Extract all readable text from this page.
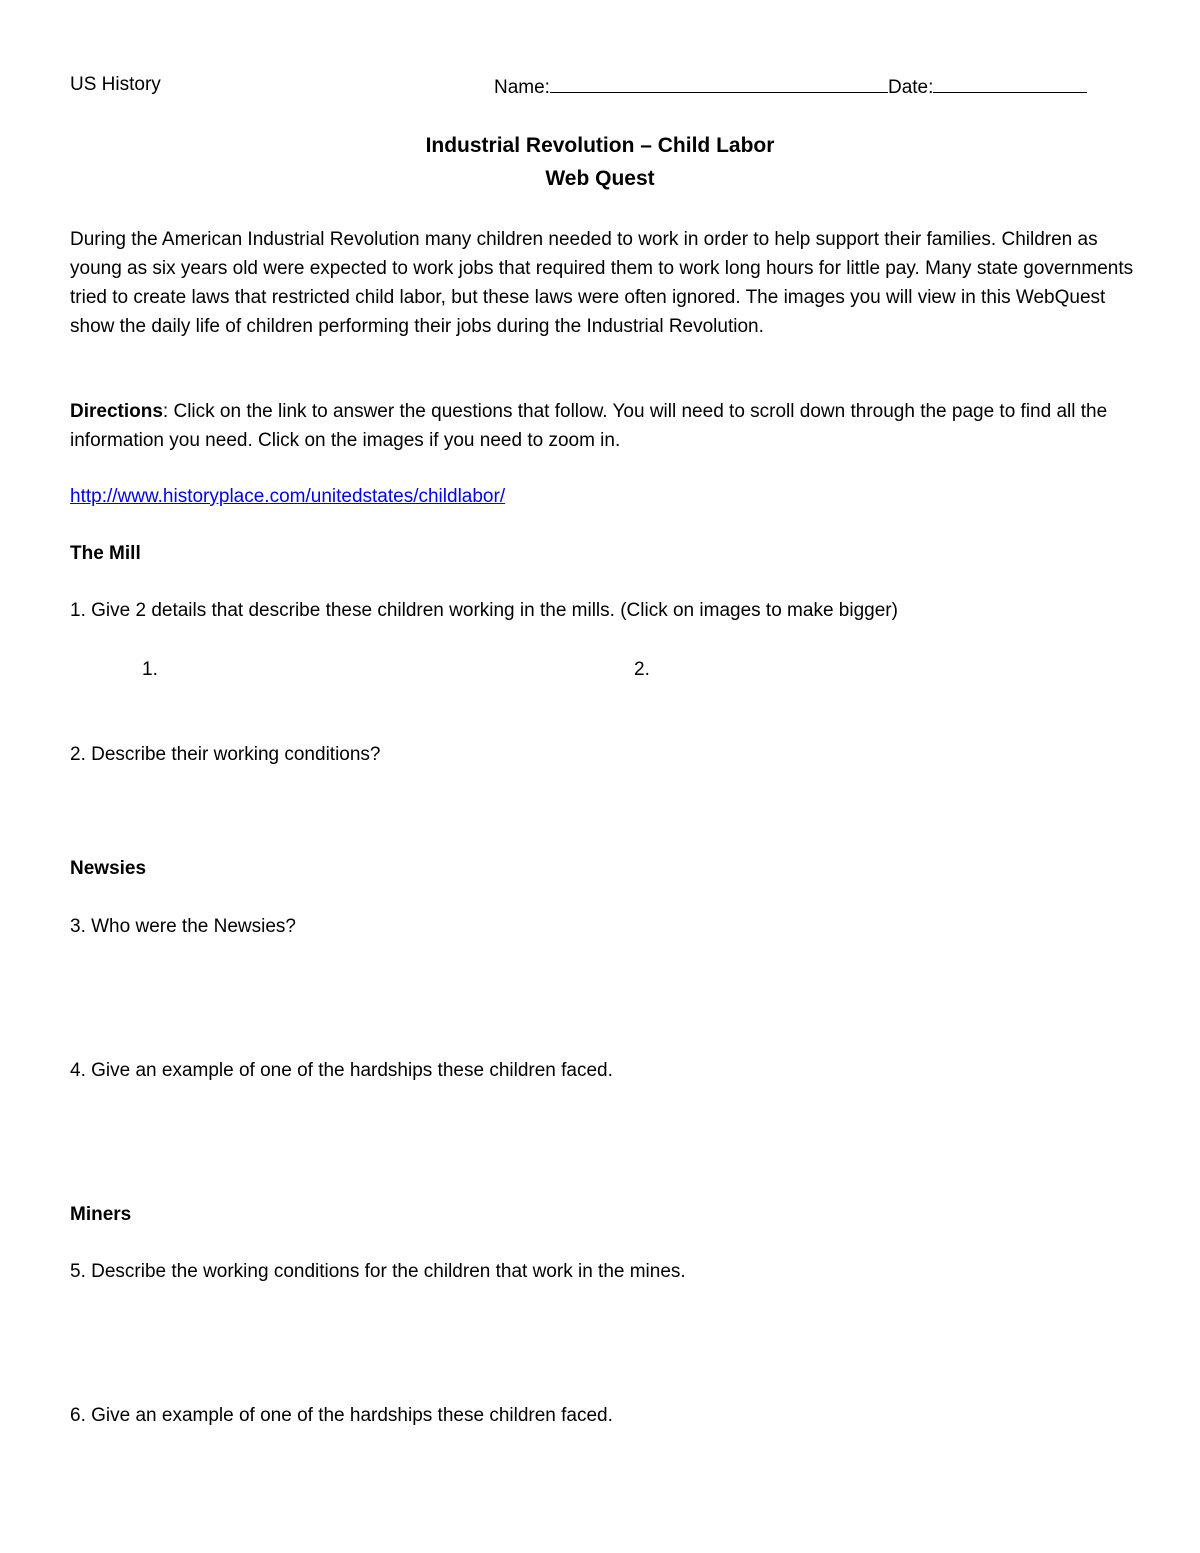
US History	Name:	Date:
Industrial Revolution – Child Labor
Web Quest
During the American Industrial Revolution many children needed to work in order to help support their families. Children as young as six years old were expected to work jobs that required them to work long hours for little pay. Many state governments tried to create laws that restricted child labor, but these laws were often ignored. The images you will view in this WebQuest show the daily life of children performing their jobs during the Industrial Revolution.
Directions: Click on the link to answer the questions that follow. You will need to scroll down through the page to find all the information you need. Click on the images if you need to zoom in.
http://www.historyplace.com/unitedstates/childlabor/
The Mill
1. Give 2 details that describe these children working in the mills. (Click on images to make bigger)
1.	2.
2. Describe their working conditions?
Newsies
3. Who were the Newsies?
4. Give an example of one of the hardships these children faced.
Miners
5. Describe the working conditions for the children that work in the mines.
6. Give an example of one of the hardships these children faced.
